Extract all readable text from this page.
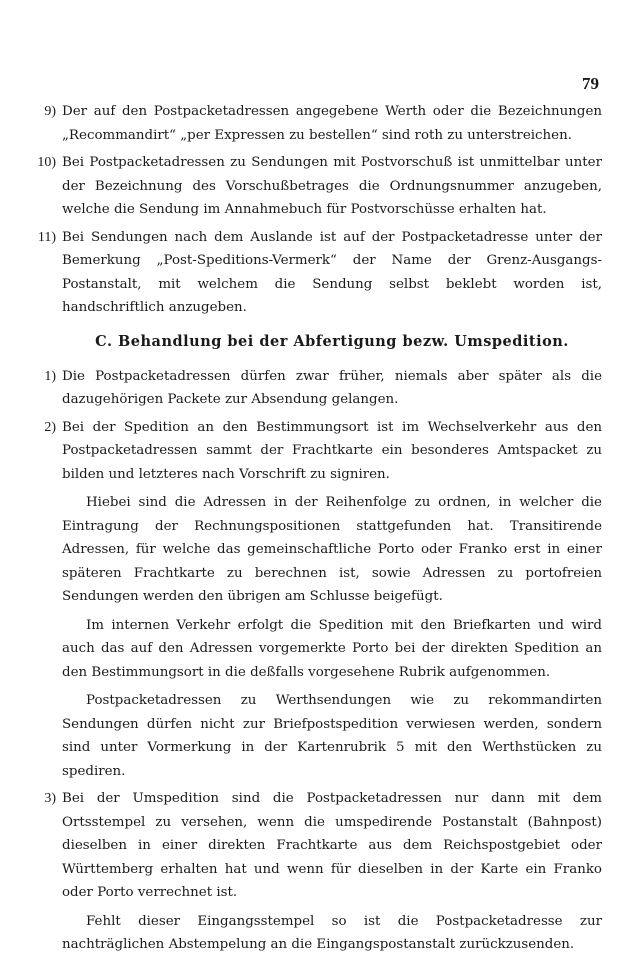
79
9) Der auf den Postpacketadressen angegebene Werth oder die Bezeichnungen „Recommandirt“ „per Expressen zu bestellen“ sind roth zu unterstreichen.
10) Bei Postpacketadressen zu Sendungen mit Postvorschuß ist unmittelbar unter der Bezeichnung des Vorschußbetrages die Ordnungsnummer anzugeben, welche die Sendung im Annahmebuch für Postvorschüsse erhalten hat.
11) Bei Sendungen nach dem Auslande ist auf der Postpacketadresse unter der Bemerkung „Post-Speditions-Vermerk“ der Name der Grenz-Ausgangs-Postanstalt, mit welchem die Sendung selbst beklebt worden ist, handschriftlich anzugeben.
C. Behandlung bei der Abfertigung bezw. Umspedition.
1) Die Postpacketadressen dürfen zwar früher, niemals aber später als die dazugehörigen Packete zur Absendung gelangen.
2) Bei der Spedition an den Bestimmungsort ist im Wechselverkehr aus den Postpacketadressen sammt der Frachtkarte ein besonderes Amtspacket zu bilden und letzteres nach Vorschrift zu signiren.
Hiebei sind die Adressen in der Reihenfolge zu ordnen, in welcher die Eintragung der Rechnungspositionen stattgefunden hat. Transitirende Adressen, für welche das gemeinschaftliche Porto oder Franko erst in einer späteren Frachtkarte zu berechnen ist, sowie Adressen zu portofreien Sendungen werden den übrigen am Schlusse beigefügt.
Im internen Verkehr erfolgt die Spedition mit den Briefkarten und wird auch das auf den Adressen vorgemerkte Porto bei der direkten Spedition an den Bestimmungsort in die deßfalls vorgesehene Rubrik aufgenommen.
Postpacketadressen zu Werthsendungen wie zu rekommandirten Sendungen dürfen nicht zur Briefpostspedition verwiesen werden, sondern sind unter Vormerkung in der Kartenrubrik 5 mit den Werthstücken zu spediren.
3) Bei der Umspedition sind die Postpacketadressen nur dann mit dem Ortsstempel zu versehen, wenn die umspedirende Postanstalt (Bahnpost) dieselben in einer direkten Frachtkarte aus dem Reichspostgebiet oder Württemberg erhalten hat und wenn für dieselben in der Karte ein Franko oder Porto verrechnet ist.
Fehlt dieser Eingangsstempel so ist die Postpacketadresse zur nachträglichen Abstempelung an die Eingangspostanstalt zurückzusenden.
